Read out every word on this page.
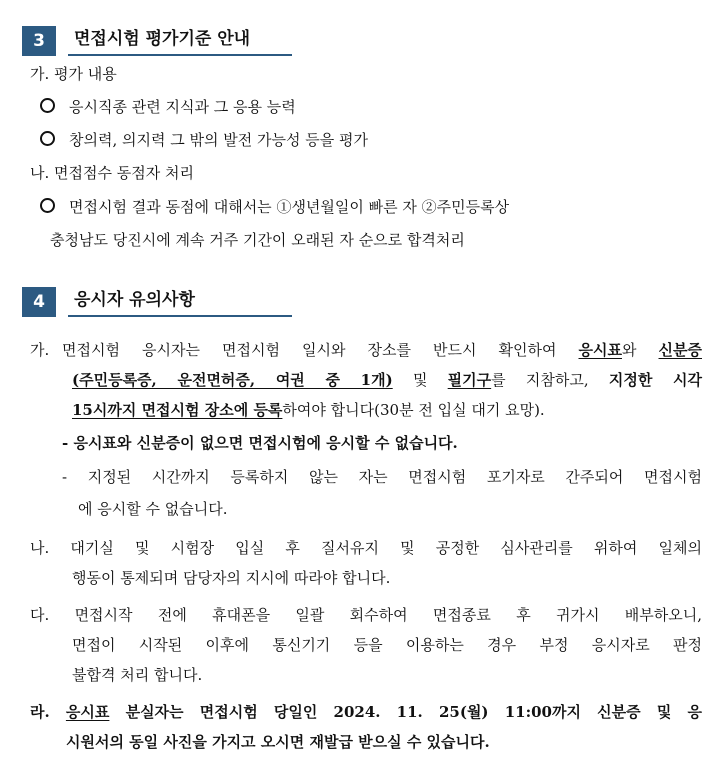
3	면접시험 평가기준 안내
가. 평가 내용
응시직종 관련 지식과 그 응용 능력
창의력, 의지력 그 밖의 발전 가능성 등을 평가
나. 면접점수 동점자 처리
면접시험 결과 동점에 대해서는 ①생년월일이 빠른 자 ②주민등록상
충청남도 당진시에 계속 거주 기간이 오래된 자 순으로 합격처리
4	응시자 유의사항
가. 면접시험 응시자는 면접시험 일시와 장소를 반드시 확인하여 응시표와 신분증
(주민등록증, 운전면허증, 여권 중 1개) 및 필기구를 지참하고, 지정한 시각
15시까지 면접시험 장소에 등록하여야 합니다(30분 전 입실 대기 요망).
- 응시표와 신분증이 없으면 면접시험에 응시할 수 없습니다.
- 지정된 시간까지 등록하지 않는 자는 면접시험 포기자로 간주되어 면접시험
에 응시할 수 없습니다.
나. 대기실 및 시험장 입실 후 질서유지 및 공정한 심사관리를 위하여 일체의
행동이 통제되며 담당자의 지시에 따라야 합니다.
다. 면접시작 전에 휴대폰을 일괄 회수하여 면접종료 후 귀가시 배부하오니,
면접이 시작된 이후에 통신기기 등을 이용하는 경우 부정 응시자로 판정
불합격 처리 합니다.
라. 응시표 분실자는 면접시험 당일인 2024. 11. 25(월) 11:00까지 신분증 및 응
시원서의 동일 사진을 가지고 오시면 재발급 받으실 수 있습니다.
